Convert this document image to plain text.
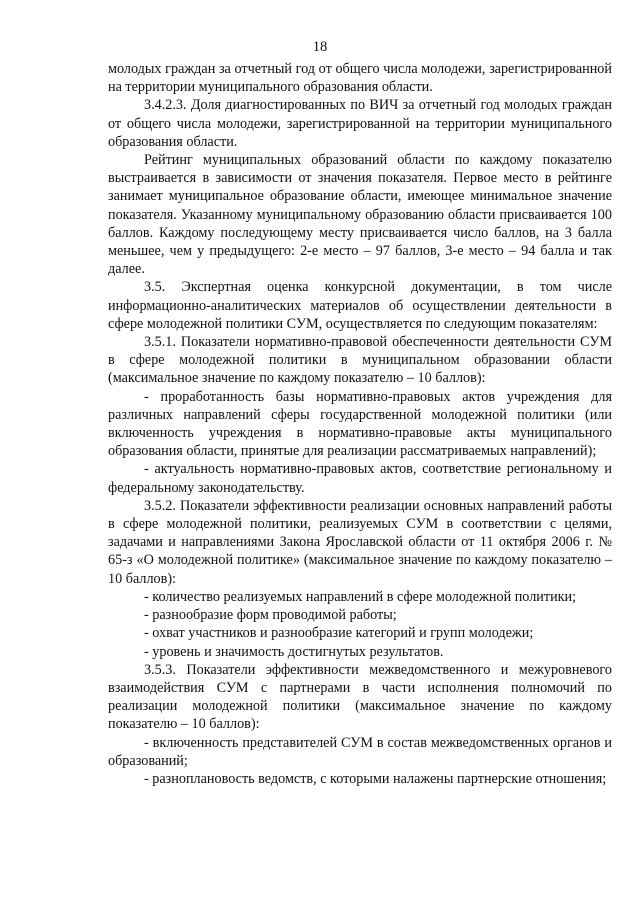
18

молодых граждан за отчетный год от общего числа молодежи, зарегистрированной на территории муниципального образования области.

3.4.2.3. Доля диагностированных по ВИЧ за отчетный год молодых граждан от общего числа молодежи, зарегистрированной на территории муниципального образования области.

Рейтинг муниципальных образований области по каждому показателю выстраивается в зависимости от значения показателя. Первое место в рейтинге занимает муниципальное образование области, имеющее минимальное значение показателя. Указанному муниципальному образованию области присваивается 100 баллов. Каждому последующему месту присваивается число баллов, на 3 балла меньшее, чем у предыдущего: 2-е место – 97 баллов, 3-е место – 94 балла и так далее.

3.5. Экспертная оценка конкурсной документации, в том числе информационно-аналитических материалов об осуществлении деятельности в сфере молодежной политики СУМ, осуществляется по следующим показателям:

3.5.1. Показатели нормативно-правовой обеспеченности деятельности СУМ в сфере молодежной политики в муниципальном образовании области (максимальное значение по каждому показателю – 10 баллов):

- проработанность базы нормативно-правовых актов учреждения для различных направлений сферы государственной молодежной политики (или включенность учреждения в нормативно-правовые акты муниципального образования области, принятые для реализации рассматриваемых направлений);

- актуальность нормативно-правовых актов, соответствие региональному и федеральному законодательству.

3.5.2. Показатели эффективности реализации основных направлений работы в сфере молодежной политики, реализуемых СУМ в соответствии с целями, задачами и направлениями Закона Ярославской области от 11 октября 2006 г. № 65-з «О молодежной политике» (максимальное значение по каждому показателю – 10 баллов):

- количество реализуемых направлений в сфере молодежной политики;

- разнообразие форм проводимой работы;

- охват участников и разнообразие категорий и групп молодежи;

- уровень и значимость достигнутых результатов.

3.5.3. Показатели эффективности межведомственного и межуровневого взаимодействия СУМ с партнерами в части исполнения полномочий по реализации молодежной политики (максимальное значение по каждому показателю – 10 баллов):

- включенность представителей СУМ в состав межведомственных органов и образований;

- разноплановость ведомств, с которыми налажены партнерские отношения;
